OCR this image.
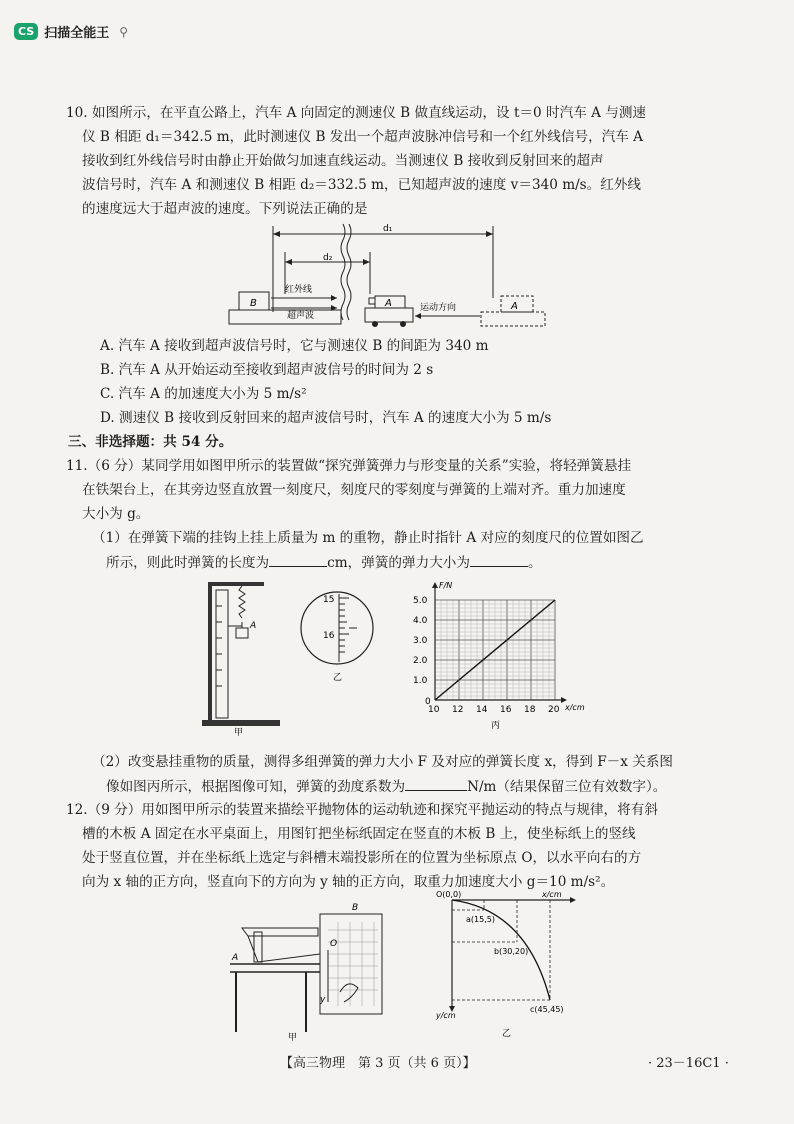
CS 扫描全能王 ⚲
10. 如图所示，在平直公路上，汽车 A 向固定的测速仪 B 做直线运动，设 t＝0 时汽车 A 与测速
仪 B 相距 d₁＝342.5 m，此时测速仪 B 发出一个超声波脉冲信号和一个红外线信号，汽车 A
接收到红外线信号时由静止开始做匀加速直线运动。当测速仪 B 接收到反射回来的超声
波信号时，汽车 A 和测速仪 B 相距 d₂＝332.5 m，已知超声波的速度 v＝340 m/s。红外线
的速度远大于超声波的速度。下列说法正确的是
d₁
d₂
B
红外线
超声波
A	运动方向	A
A. 汽车 A 接收到超声波信号时，它与测速仪 B 的间距为 340 m
B. 汽车 A 从开始运动至接收到超声波信号的时间为 2 s
C. 汽车 A 的加速度大小为 5 m/s²
D. 测速仪 B 接收到反射回来的超声波信号时，汽车 A 的速度大小为 5 m/s
三、非选择题：共 54 分。
11.（6 分）某同学用如图甲所示的装置做“探究弹簧弹力与形变量的关系”实验，将轻弹簧悬挂
在铁架台上，在其旁边竖直放置一刻度尺，刻度尺的零刻度与弹簧的上端对齐。重力加速度
大小为 g。
（1）在弹簧下端的挂钩上挂上质量为 m 的重物，静止时指针 A 对应的刻度尺的位置如图乙
所示，则此时弹簧的长度为	cm，弹簧的弹力大小为	。
A
甲
15
16
乙
F/N
x/cm
5.0
4.0
3.0
2.0
1.0
0
10 12 14 16 18 20
丙
（2）改变悬挂重物的质量，测得多组弹簧的弹力大小 F 及对应的弹簧长度 x，得到 F－x 关系图
像如图丙所示，根据图像可知，弹簧的劲度系数为	N/m（结果保留三位有效数字）。
12.（9 分）用如图甲所示的装置来描绘平抛物体的运动轨迹和探究平抛运动的特点与规律，将有斜
槽的木板 A 固定在水平桌面上，用图钉把坐标纸固定在竖直的木板 B 上，使坐标纸上的竖线
处于竖直位置，并在坐标纸上选定与斜槽末端投影所在的位置为坐标原点 O，以水平向右的方
向为 x 轴的正方向，竖直向下的方向为 y 轴的正方向，取重力加速度大小 g＝10 m/s²。
B
A
O
y
甲
O(0,0)	x/cm
y/cm
a(15,5)
b(30,20)
c(45,45)
乙
【高三物理　第 3 页（共 6 页）】	· 23－16C1 ·
